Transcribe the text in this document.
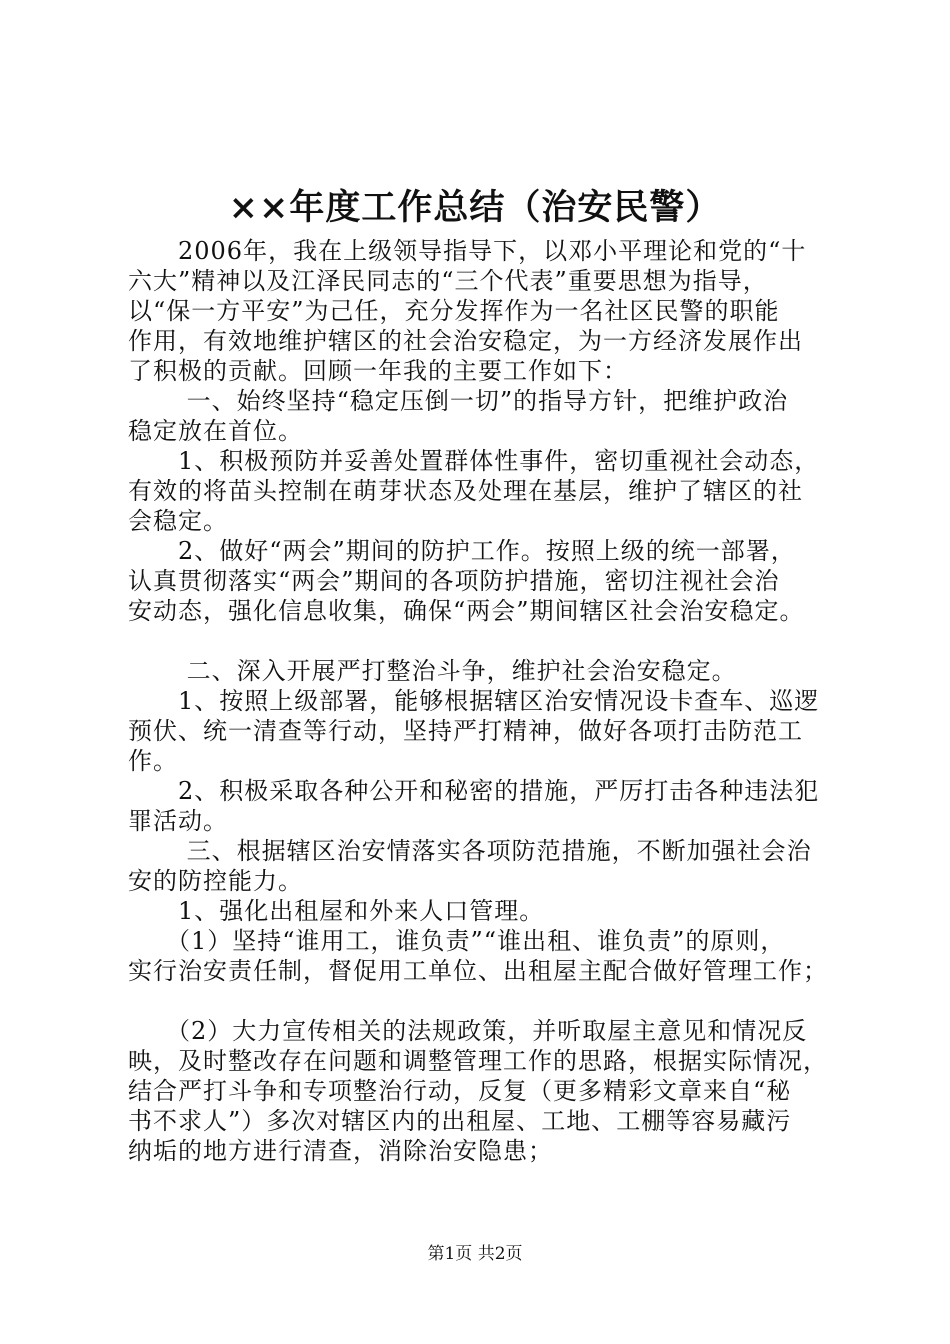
××年度工作总结（治安民警）
　　2006年，我在上级领导指导下，以邓小平理论和党的“十
六大”精神以及江泽民同志的“三个代表”重要思想为指导，
以“保一方平安”为己任，充分发挥作为一名社区民警的职能
作用，有效地维护辖区的社会治安稳定，为一方经济发展作出
了积极的贡献。回顾一年我的主要工作如下：
　　 一、始终坚持“稳定压倒一切”的指导方针，把维护政治
稳定放在首位。
　　1、积极预防并妥善处置群体性事件，密切重视社会动态，
有效的将苗头控制在萌芽状态及处理在基层，维护了辖区的社
会稳定。
　　2、做好“两会”期间的防护工作。按照上级的统一部署，
认真贯彻落实“两会”期间的各项防护措施，密切注视社会治
安动态，强化信息收集，确保“两会”期间辖区社会治安稳定。
　　 二、深入开展严打整治斗争，维护社会治安稳定。
　　1、按照上级部署，能够根据辖区治安情况设卡查车、巡逻
预伏、统一清查等行动，坚持严打精神，做好各项打击防范工
作。
　　2、积极采取各种公开和秘密的措施，严厉打击各种违法犯
罪活动。
　　 三、根据辖区治安情落实各项防范措施，不断加强社会治
安的防控能力。
　　1、强化出租屋和外来人口管理。
　　（1）坚持“谁用工，谁负责”“谁出租、谁负责”的原则，
实行治安责任制，督促用工单位、出租屋主配合做好管理工作；
　　（2）大力宣传相关的法规政策，并听取屋主意见和情况反
映，及时整改存在问题和调整管理工作的思路，根据实际情况，
结合严打斗争和专项整治行动，反复（更多精彩文章来自“秘
书不求人”）多次对辖区内的出租屋、工地、工棚等容易藏污
纳垢的地方进行清查，消除治安隐患；
第1页 共2页
